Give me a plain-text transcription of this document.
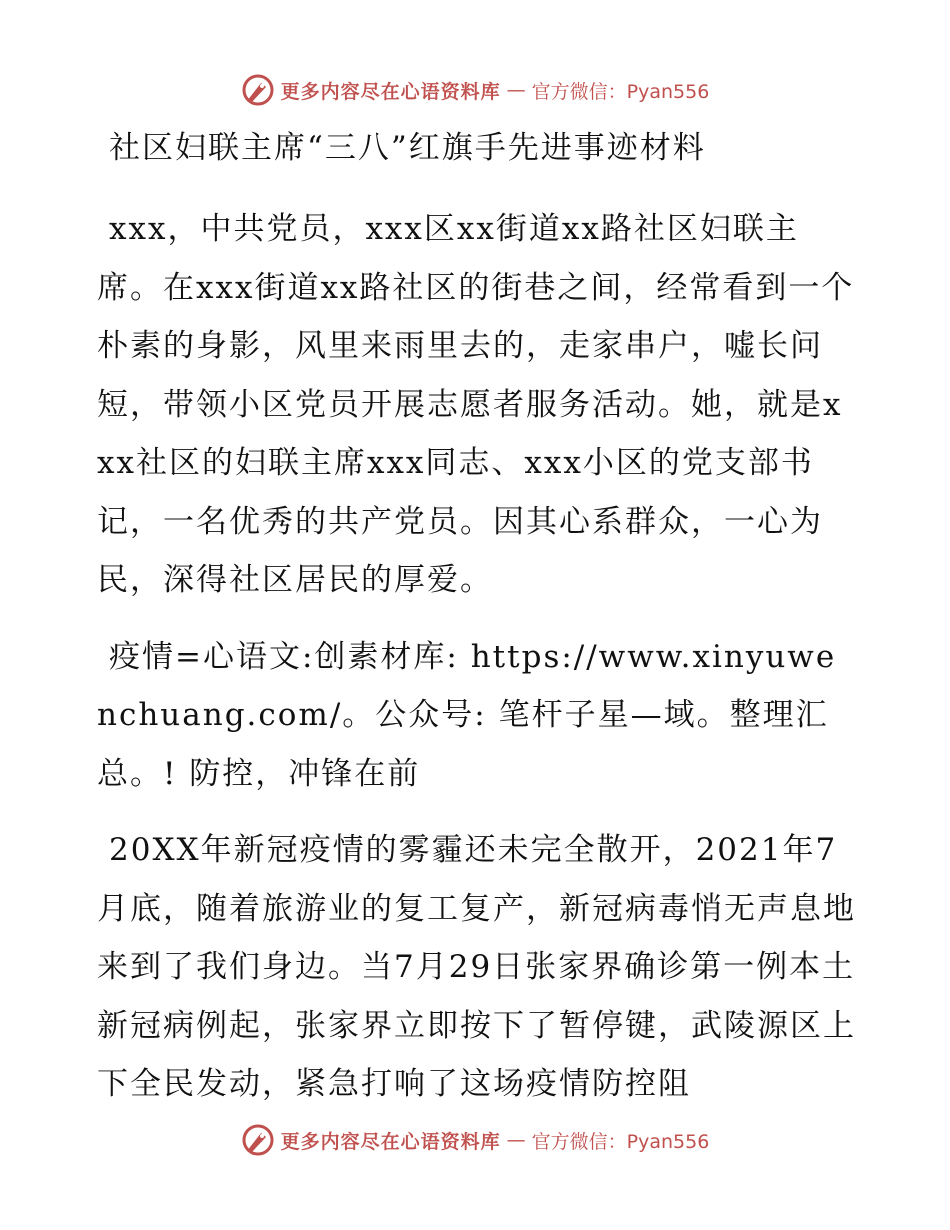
更多内容尽在心语资料库 — 官方微信：Pyan556
社区妇联主席“三八”红旗手先进事迹材料

xxx，中共党员，xxx区xx街道xx路社区妇联主席。在xxx街道xx路社区的街巷之间，经常看到一个朴素的身影，风里来雨里去的，走家串户，嘘长问短，带领小区党员开展志愿者服务活动。她，就是xxx社区的妇联主席xxx同志、xxx小区的党支部书记，一名优秀的共产党员。因其心系群众，一心为民，深得社区居民的厚爱。

疫情=心语文:创素材库: https://www.xinyuwenchuang.com/。公众号: 笔杆子星—域。整理汇总。! 防控，冲锋在前

20XX年新冠疫情的雾霾还未完全散开，2021年7月底，随着旅游业的复工复产，新冠病毒悄无声息地来到了我们身边。当7月29日张家界确诊第一例本土新冠病例起，张家界立即按下了暂停键，武陵源区上下全民发动，紧急打响了这场疫情防控阻

更多内容尽在心语资料库 — 官方微信：Pyan556
